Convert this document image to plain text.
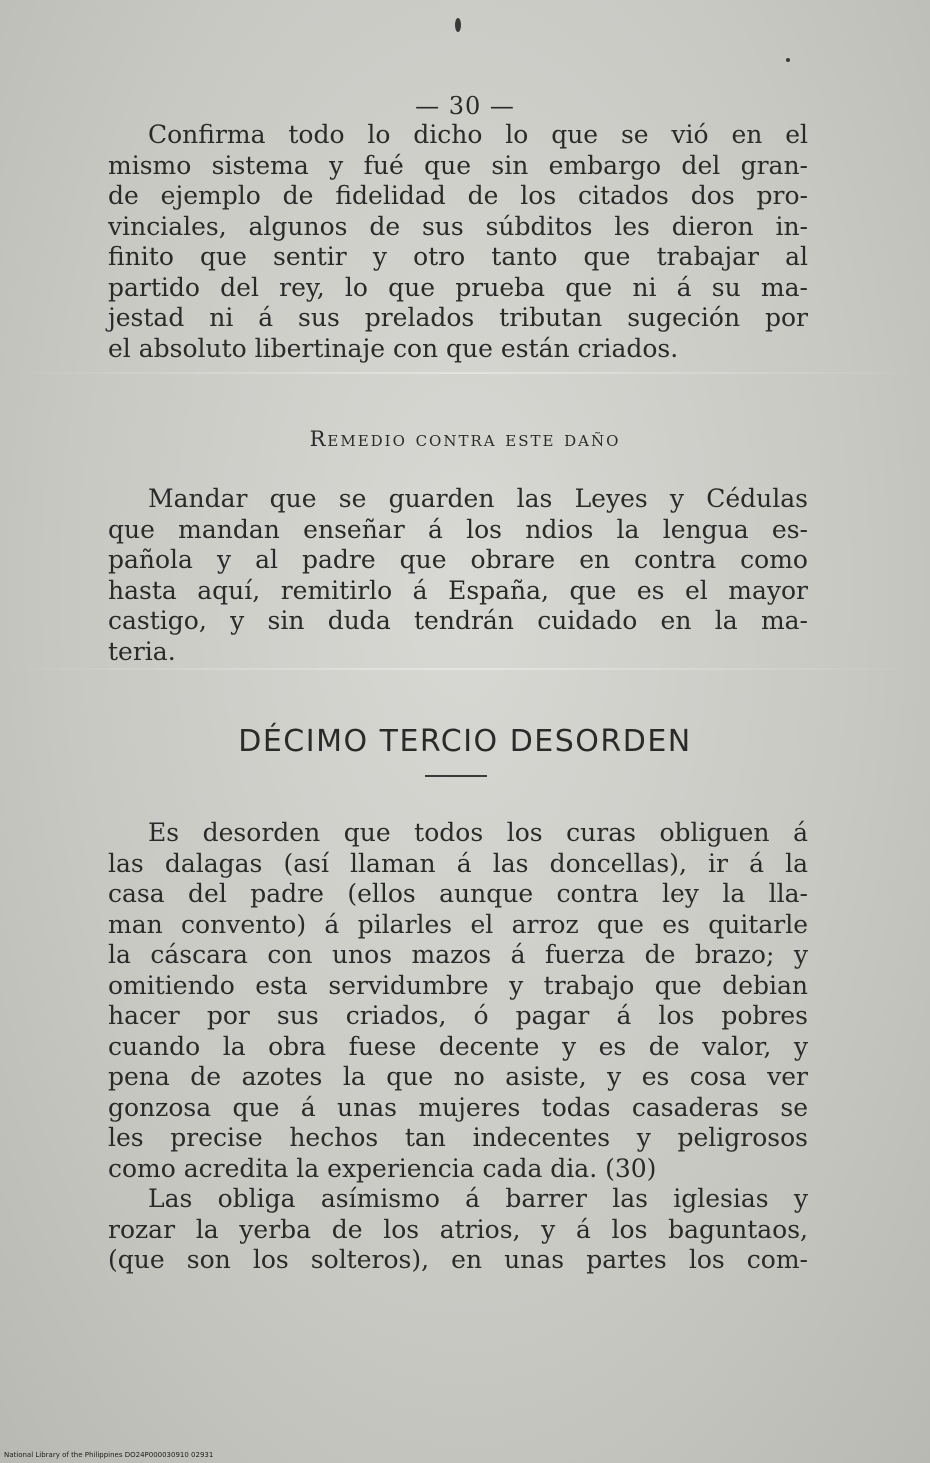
— 30 —
Confirma todo lo dicho lo que se vió en el
mismo sistema y fué que sin embargo del gran-
de ejemplo de fidelidad de los citados dos pro-
vinciales, algunos de sus súbditos les dieron in-
finito que sentir y otro tanto que trabajar al
partido del rey, lo que prueba que ni á su ma-
jestad ni á sus prelados tributan sugeción por
el absoluto libertinaje con que están criados.
Remedio contra este daño
Mandar que se guarden las Leyes y Cédulas
que mandan enseñar á los ndios la lengua es-
pañola y al padre que obrare en contra como
hasta aquí, remitirlo á España, que es el mayor
castigo, y sin duda tendrán cuidado en la ma-
teria.
DÉCIMO TERCIO DESORDEN
Es desorden que todos los curas obliguen á
las dalagas (así llaman á las doncellas), ir á la
casa del padre (ellos aunque contra ley la lla-
man convento) á pilarles el arroz que es quitarle
la cáscara con unos mazos á fuerza de brazo; y
omitiendo esta servidumbre y trabajo que debian
hacer por sus criados, ó pagar á los pobres
cuando la obra fuese decente y es de valor, y
pena de azotes la que no asiste, y es cosa ver
gonzosa que á unas mujeres todas casaderas se
les precise hechos tan indecentes y peligrosos
como acredita la experiencia cada dia. (30)
Las obliga asímismo á barrer las iglesias y
rozar la yerba de los atrios, y á los baguntaos,
(que son los solteros), en unas partes los com-
National Library of the Philippines DO24P000030910 02931
